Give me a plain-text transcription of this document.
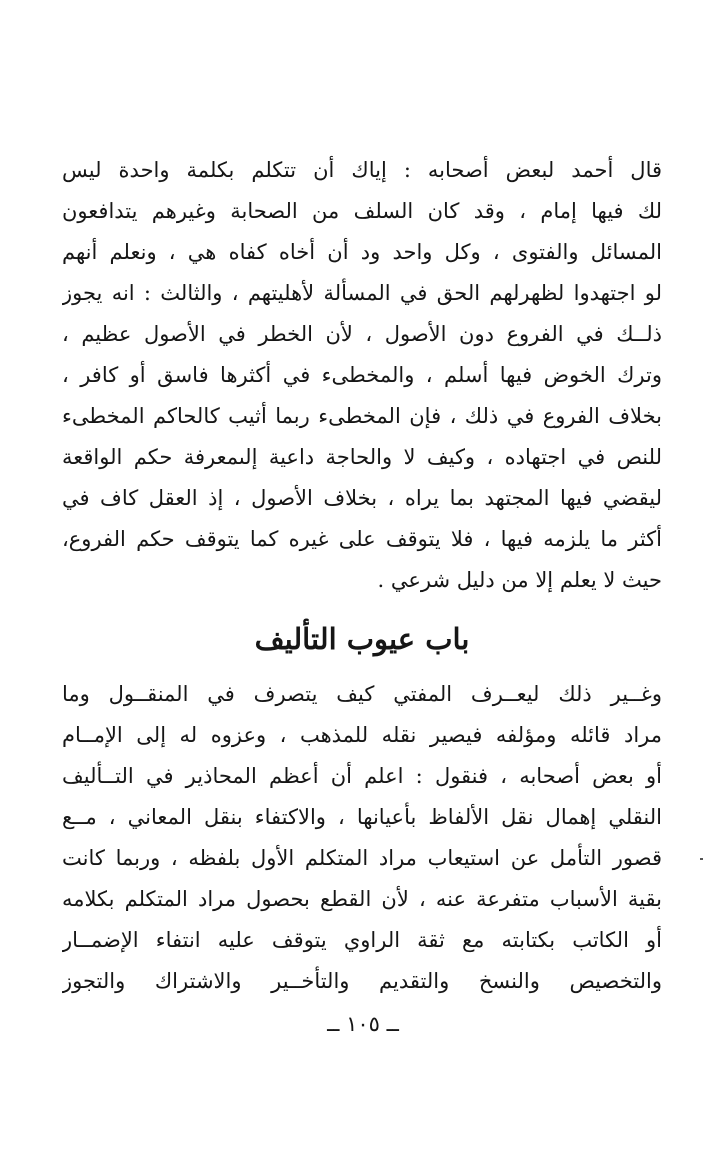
قال أحمد لبعض أصحابه : إياك أن تتكلم بكلمة واحدة ليس
لك فيها إمام ، وقد كان السلف من الصحابة وغيرهم يتدافعون
المسائل والفتوى ، وكل واحد ود أن أخاه كفاه هي ، ونعلم أنهم
لو اجتهدوا لظهرلهم الحق في المسألة لأهليتهم ، والثالث : انه يجوز
ذلــك في الفروع دون الأصول ، لأن الخطر في الأصول عظيم ،
وترك الخوض فيها أسلم ، والمخطىء في أكثرها فاسق أو كافر ،
بخلاف الفروع في ذلك ، فإن المخطىء ربما أثيب كالحاكم المخطىء
للنص في اجتهاده ، وكيف لا والحاجة داعية إلىمعرفة حكم الواقعة
ليقضي فيها المجتهد بما يراه ، بخلاف الأصول ، إذ العقل كاف في
أكثر ما يلزمه فيها ، فلا يتوقف على غيره كما يتوقف حكم الفروع،
حيث لا يعلم إلا من دليل شرعي .
باب عيوب التأليف
وغــير ذلك ليعــرف المفتي كيف يتصرف في المنقــول وما
مراد قائله ومؤلفه فيصير نقله للمذهب ، وعزوه له إلى الإمــام
أو بعض أصحابه ، فنقول : اعلم أن أعظم المحاذير في التــأليف
النقلي إهمال نقل الألفاظ بأعيانها ، والاكتفاء بنقل المعاني ، مــع
قصور التأمل عن استيعاب مراد المتكلم الأول بلفظه ، وربما كانت
بقية الأسباب متفرعة عنه ، لأن القطع بحصول مراد المتكلم بكلامه
أو الكاتب بكتابته مع ثقة الراوي يتوقف عليه انتفاء الإضمــار
والتخصيص والنسخ والتقديم والتأخــير والاشتراك والتجوز
ــ ١٠٥ ــ
